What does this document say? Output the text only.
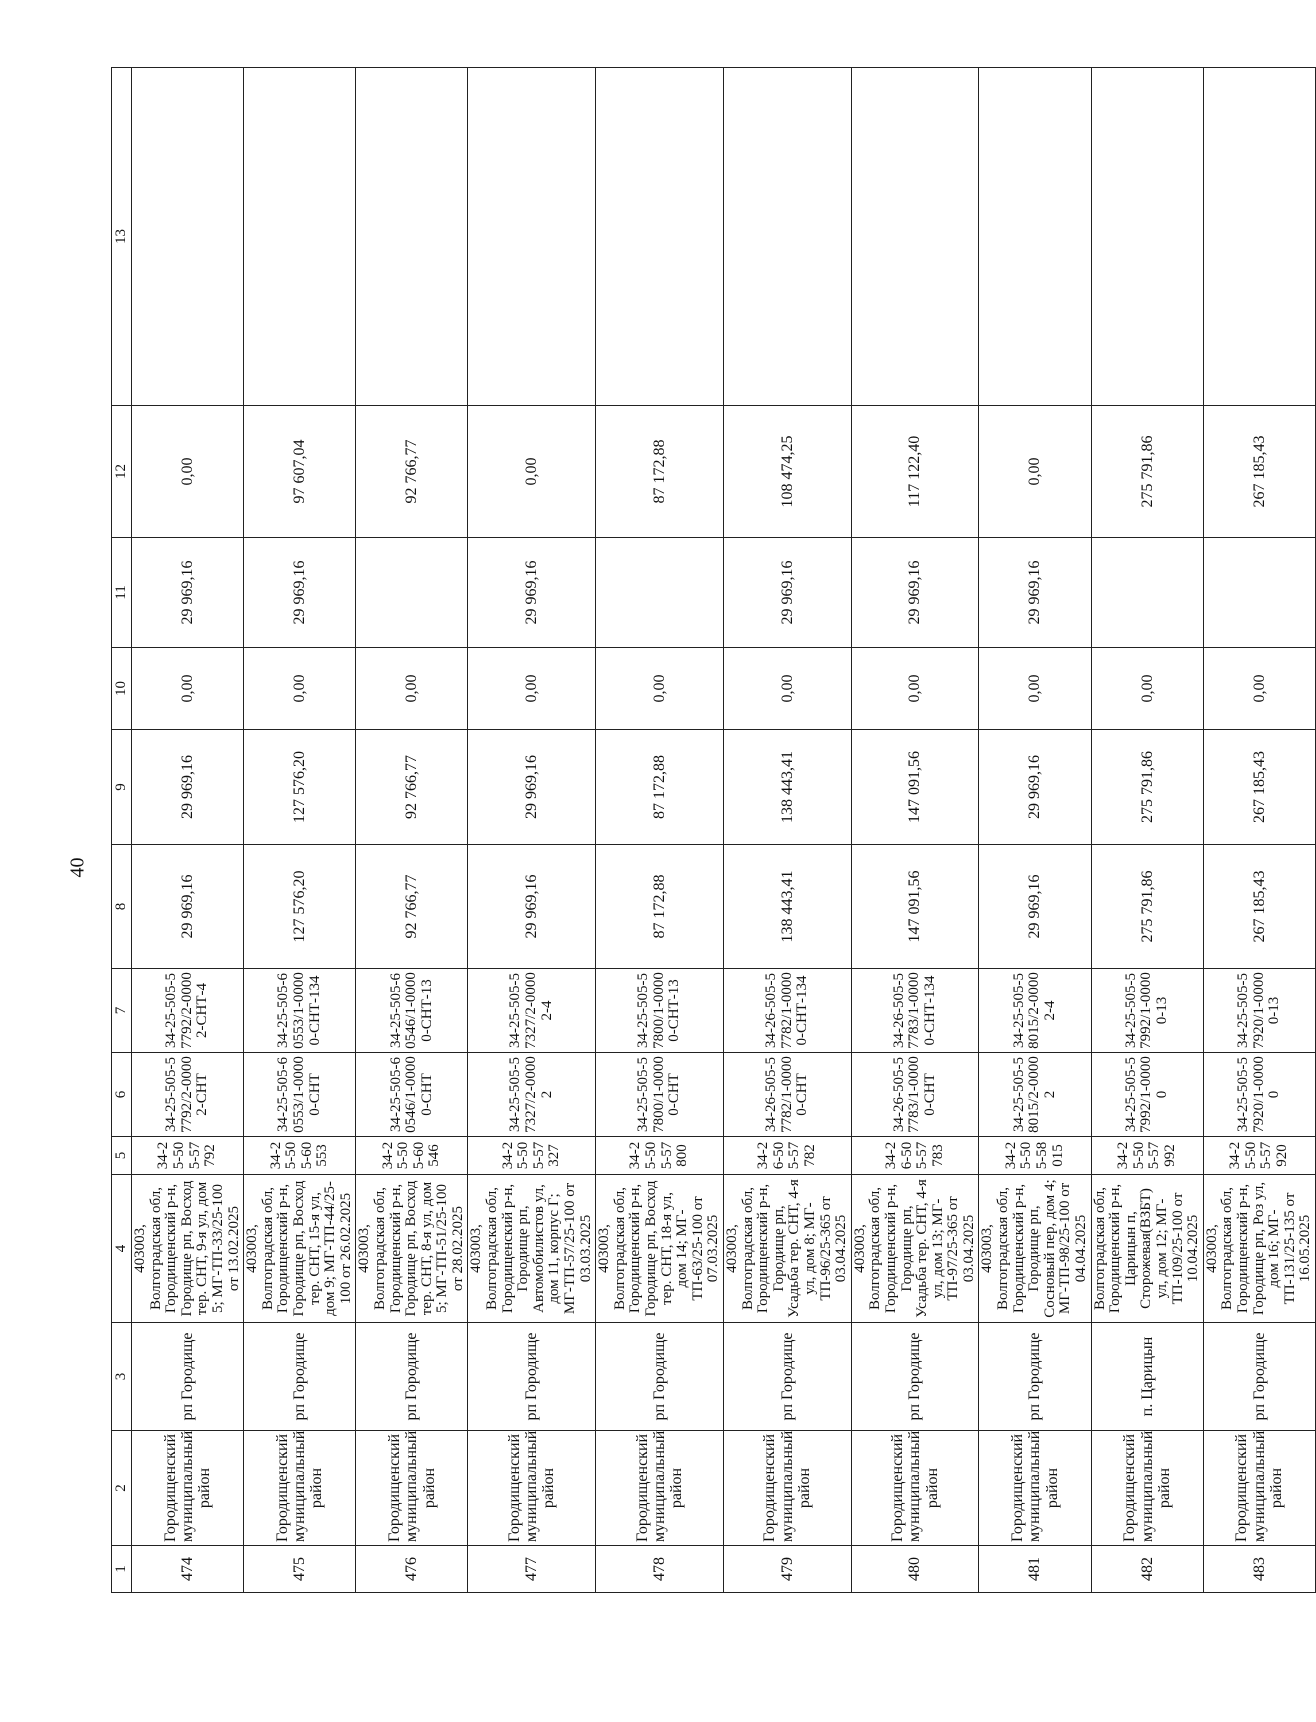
40
1	2	3	4	5	6	7	8	9	10	11	12	13
474	Городищенский муниципальный район	рп Городище	403003, Волгоградская обл, Городищенский р-н, Городище рп, Восход тер. СНТ, 9-я ул, дом 5; МГ-ТП-33/25-100 от 13.02.2025	34-25-505-57792	34-25-505-57792/2-00002-СНТ	34-25-505-57792/2-00002-СНТ-4	29 969,16	29 969,16	0,00	29 969,16	0,00	
475	Городищенский муниципальный район	рп Городище	403003, Волгоградская обл, Городищенский р-н, Городище рп, Восход тер. СНТ, 15-я ул, дом 9; МГ-ТП-44/25-100 от 26.02.2025	34-25-505-60553	34-25-505-60553/1-00000-СНТ	34-25-505-60553/1-00000-СНТ-134	127 576,20	127 576,20	0,00	29 969,16	97 607,04	
476	Городищенский муниципальный район	рп Городище	403003, Волгоградская обл, Городищенский р-н, Городище рп, Восход тер. СНТ, 8-я ул, дом 5; МГ-ТП-51/25-100 от 28.02.2025	34-25-505-60546	34-25-505-60546/1-00000-СНТ	34-25-505-60546/1-00000-СНТ-13	92 766,77	92 766,77	0,00		92 766,77	
477	Городищенский муниципальный район	рп Городище	403003, Волгоградская обл, Городищенский р-н, Городище рп, Автомобилистов ул, дом 11, корпус Г; МГ-ТП-57/25-100 от 03.03.2025	34-25-505-57327	34-25-505-57327/2-00002	34-25-505-57327/2-00002-4	29 969,16	29 969,16	0,00	29 969,16	0,00	
478	Городищенский муниципальный район	рп Городище	403003, Волгоградская обл, Городищенский р-н, Городище рп, Восход тер. СНТ, 18-я ул, дом 14; МГ-ТП-63/25-100 от 07.03.2025	34-25-505-57800	34-25-505-57800/1-00000-СНТ	34-25-505-57800/1-00000-СНТ-13	87 172,88	87 172,88	0,00		87 172,88	
479	Городищенский муниципальный район	рп Городище	403003, Волгоградская обл, Городищенский р-н, Городище рп, Усадьба тер. СНТ, 4-я ул, дом 8; МГ-ТП-96/25-365 от 03.04.2025	34-26-505-57782	34-26-505-57782/1-00000-СНТ	34-26-505-57782/1-00000-СНТ-134	138 443,41	138 443,41	0,00	29 969,16	108 474,25	
480	Городищенский муниципальный район	рп Городище	403003, Волгоградская обл, Городищенский р-н, Городище рп, Усадьба тер. СНТ, 4-я ул, дом 13; МГ-ТП-97/25-365 от 03.04.2025	34-26-505-57783	34-26-505-57783/1-00000-СНТ	34-26-505-57783/1-00000-СНТ-134	147 091,56	147 091,56	0,00	29 969,16	117 122,40	
481	Городищенский муниципальный район	рп Городище	403003, Волгоградская обл, Городищенский р-н, Городище рп, Сосновый пер, дом 4; МГ-ТП-98/25-100 от 04.04.2025	34-25-505-58015	34-25-505-58015/2-00002	34-25-505-58015/2-00002-4	29 969,16	29 969,16	0,00	29 969,16	0,00	
482	Городищенский муниципальный район	п. Царицын	Волгоградская обл, Городищенский р-н, Царицын п, Сторожевая(ВЗБТ) ул, дом 12; МГ-ТП-109/25-100 от 10.04.2025	34-25-505-57992	34-25-505-57992/1-00000	34-25-505-57992/1-00000-13	275 791,86	275 791,86	0,00		275 791,86	
483	Городищенский муниципальный район	рп Городище	403003, Волгоградская обл, Городищенский р-н, Городище рп, Роз ул, дом 16; МГ-ТП-131/25-135 от 16.05.2025	34-25-505-57920	34-25-505-57920/1-00000	34-25-505-57920/1-00000-13	267 185,43	267 185,43	0,00		267 185,43	
